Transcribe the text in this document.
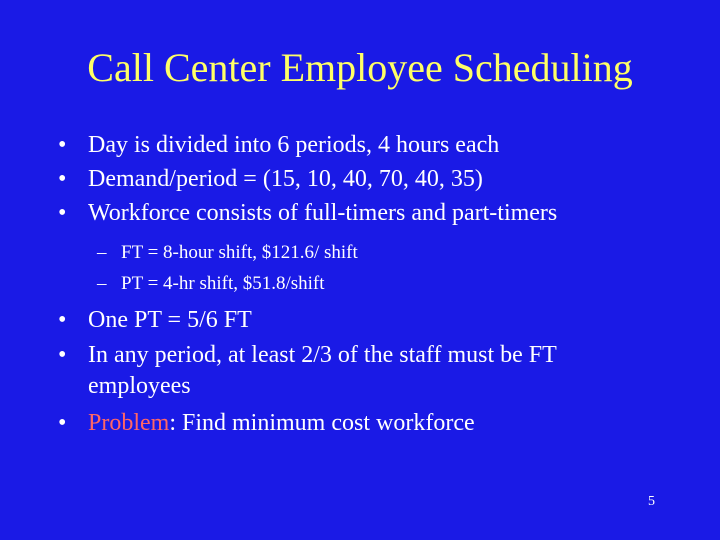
Call Center Employee Scheduling
• Day is divided into 6 periods, 4 hours each
• Demand/period = (15, 10, 40, 70, 40, 35)
• Workforce consists of full-timers and part-timers
– FT = 8-hour shift, $121.6/ shift
– PT = 4-hr shift, $51.8/shift
• One PT = 5/6 FT
• In any period, at least 2/3 of the staff must be FT
employees
• Problem: Find minimum cost workforce
5
